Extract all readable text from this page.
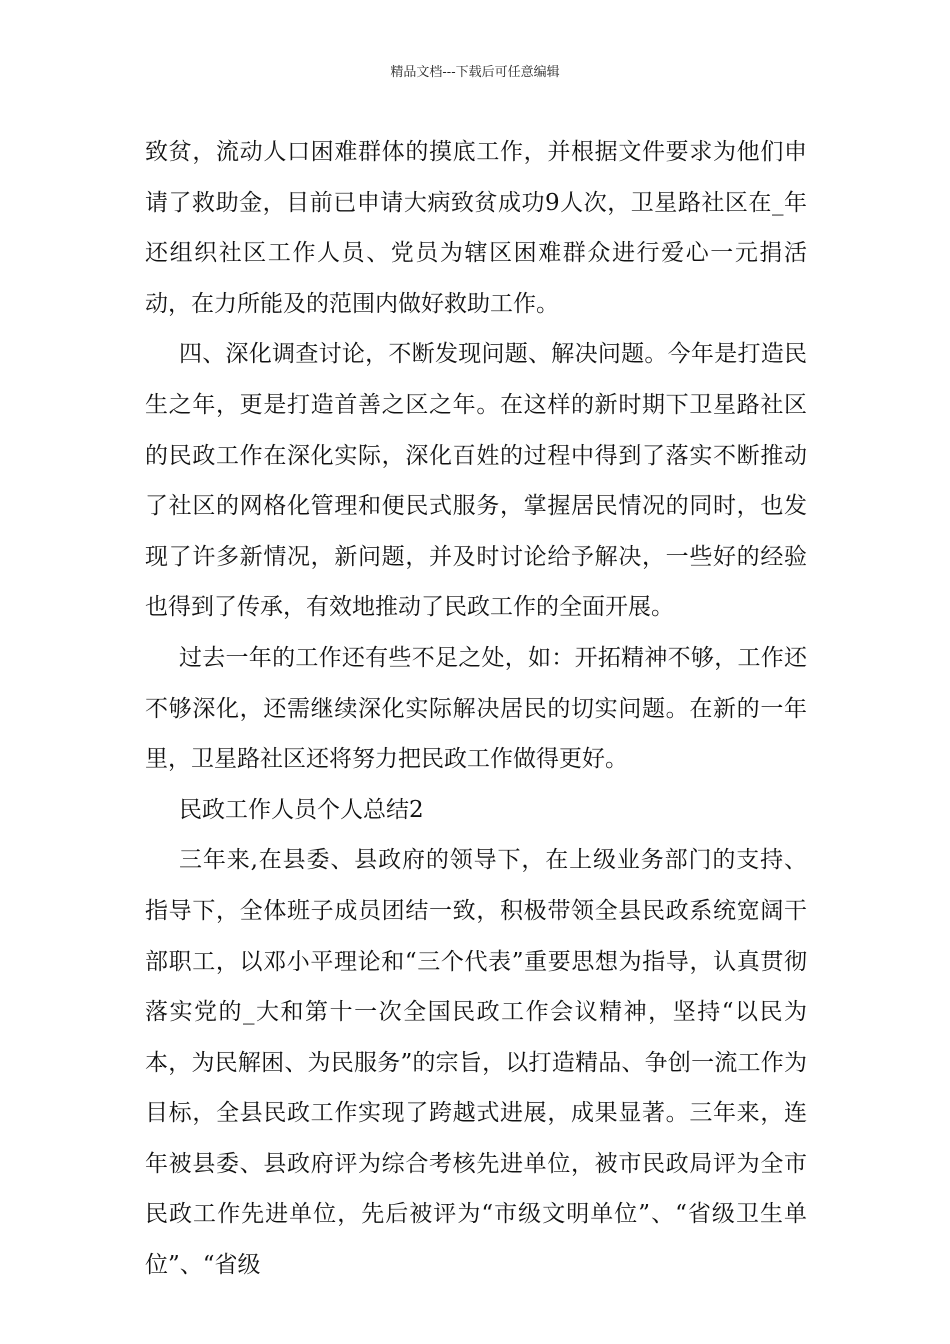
精品文档---下载后可任意编辑

致贫，流动人口困难群体的摸底工作，并根据文件要求为他们申请了救助金，目前已申请大病致贫成功9人次，卫星路社区在_年还组织社区工作人员、党员为辖区困难群众进行爱心一元捐活动，在力所能及的范围内做好救助工作。

四、深化调查讨论，不断发现问题、解决问题。今年是打造民生之年，更是打造首善之区之年。在这样的新时期下卫星路社区的民政工作在深化实际，深化百姓的过程中得到了落实不断推动了社区的网格化管理和便民式服务，掌握居民情况的同时，也发现了许多新情况，新问题，并及时讨论给予解决，一些好的经验也得到了传承，有效地推动了民政工作的全面开展。

过去一年的工作还有些不足之处，如：开拓精神不够，工作还不够深化，还需继续深化实际解决居民的切实问题。在新的一年里，卫星路社区还将努力把民政工作做得更好。

民政工作人员个人总结2

三年来,在县委、县政府的领导下，在上级业务部门的支持、指导下，全体班子成员团结一致，积极带领全县民政系统宽阔干部职工，以邓小平理论和“三个代表”重要思想为指导，认真贯彻落实党的_大和第十一次全国民政工作会议精神，坚持“以民为本，为民解困、为民服务”的宗旨，以打造精品、争创一流工作为目标，全县民政工作实现了跨越式进展，成果显著。三年来，连年被县委、县政府评为综合考核先进单位，被市民政局评为全市民政工作先进单位，先后被评为“市级文明单位”、“省级卫生单位”、“省级
